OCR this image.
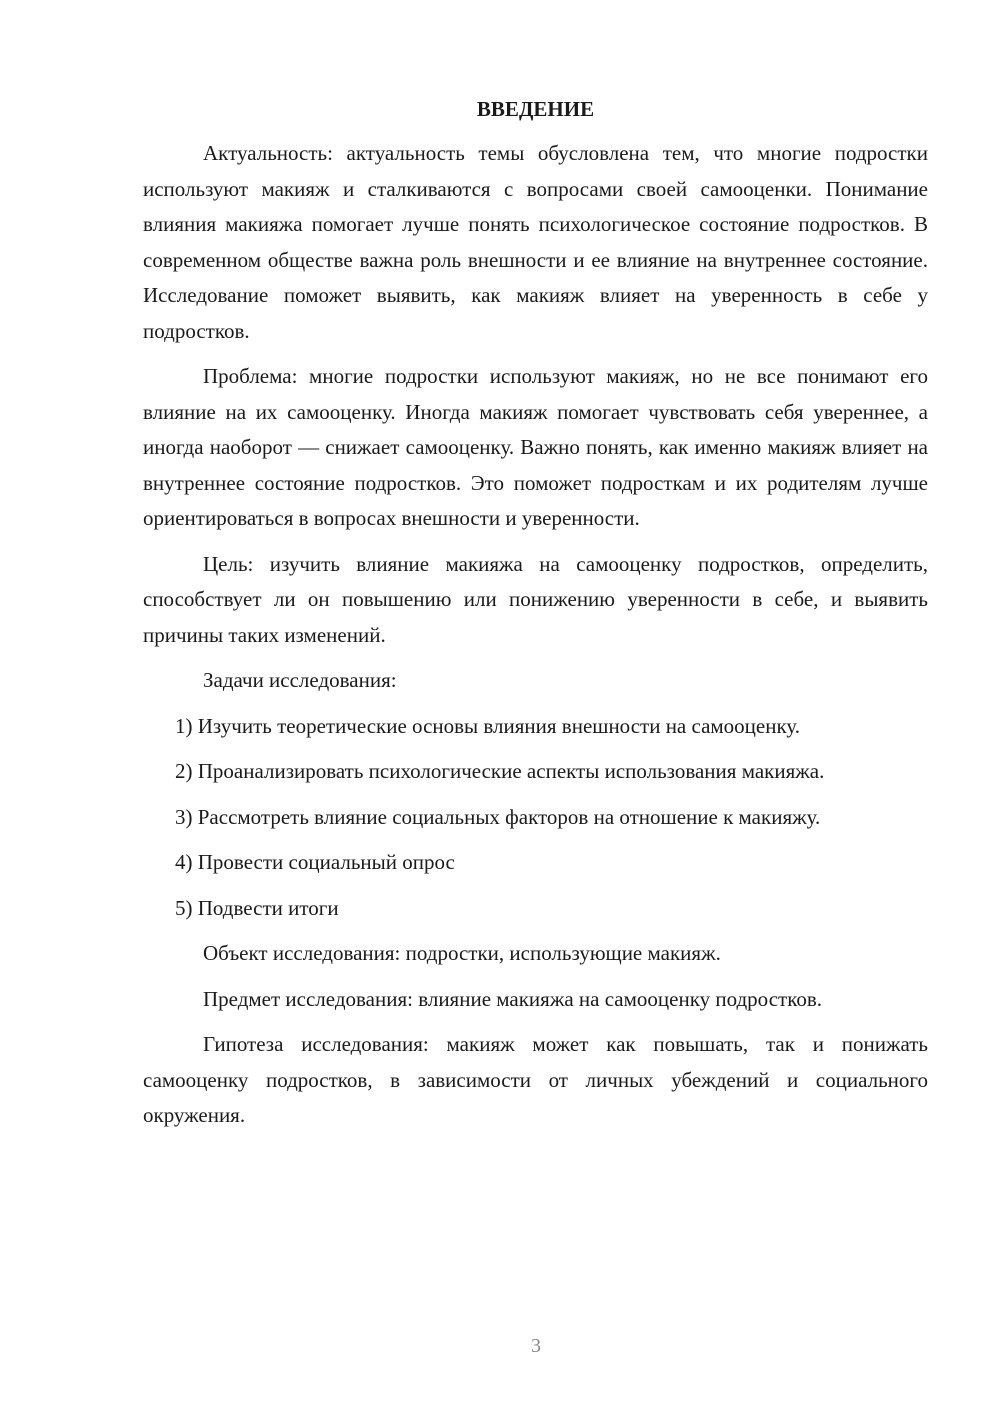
ВВЕДЕНИЕ

Актуальность: актуальность темы обусловлена тем, что многие подростки используют макияж и сталкиваются с вопросами своей самооценки. Понимание влияния макияжа помогает лучше понять психологическое состояние подростков. В современном обществе важна роль внешности и ее влияние на внутреннее состояние. Исследование поможет выявить, как макияж влияет на уверенность в себе у подростков.

Проблема: многие подростки используют макияж, но не все понимают его влияние на их самооценку. Иногда макияж помогает чувствовать себя увереннее, а иногда наоборот — снижает самооценку. Важно понять, как именно макияж влияет на внутреннее состояние подростков. Это поможет подросткам и их родителям лучше ориентироваться в вопросах внешности и уверенности.

Цель: изучить влияние макияжа на самооценку подростков, определить, способствует ли он повышению или понижению уверенности в себе, и выявить причины таких изменений.

Задачи исследования:

1) Изучить теоретические основы влияния внешности на самооценку.

2) Проанализировать психологические аспекты использования макияжа.

3) Рассмотреть влияние социальных факторов на отношение к макияжу.

4) Провести социальный опрос

5) Подвести итоги

Объект исследования: подростки, использующие макияж.

Предмет исследования: влияние макияжа на самооценку подростков.

Гипотеза исследования: макияж может как повышать, так и понижать самооценку подростков, в зависимости от личных убеждений и социального окружения.

3
